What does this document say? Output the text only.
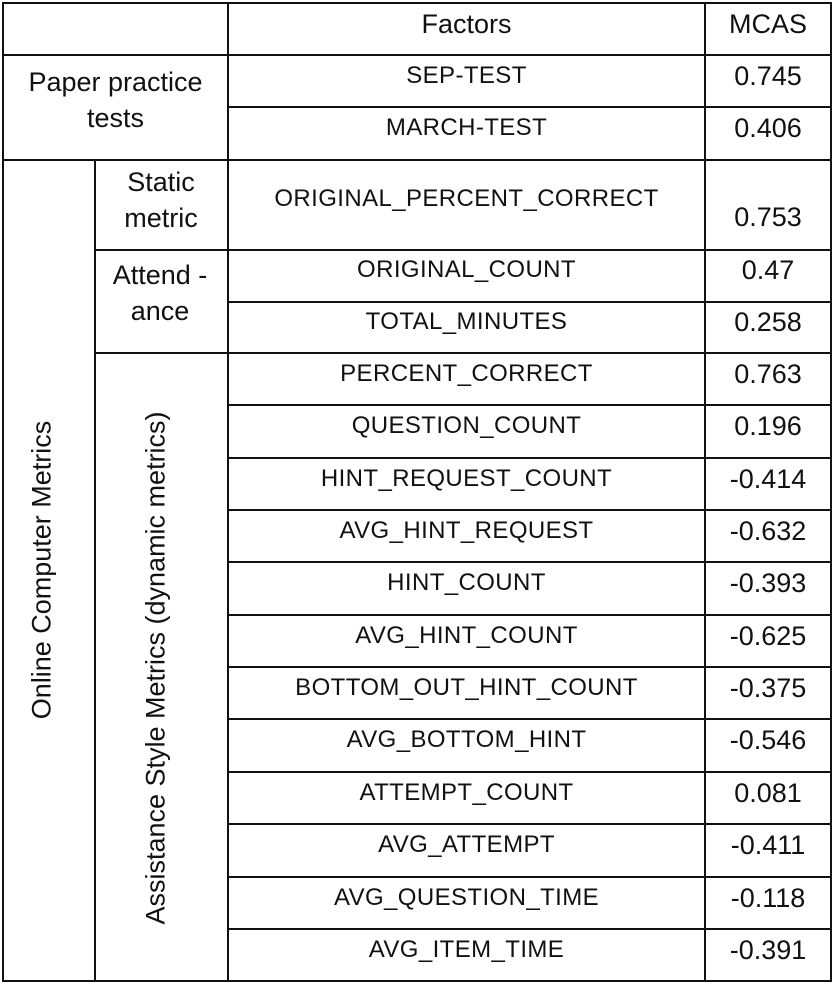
Factors	MCAS
Paper practice tests
Static metric
Attend -ance
Online Computer Metrics	Assistance Style Metrics (dynamic metrics)
SEP-TEST
MARCH-TEST
ORIGINAL_PERCENT_CORRECT
ORIGINAL_COUNT
TOTAL_MINUTES
PERCENT_CORRECT
QUESTION_COUNT
HINT_REQUEST_COUNT
AVG_HINT_REQUEST
HINT_COUNT
AVG_HINT_COUNT
BOTTOM_OUT_HINT_COUNT
AVG_BOTTOM_HINT
ATTEMPT_COUNT
AVG_ATTEMPT
AVG_QUESTION_TIME
AVG_ITEM_TIME
0.745
0.406
0.753
0.47
0.258
0.763
0.196
-0.414
-0.632
-0.393
-0.625
-0.375
-0.546
0.081
-0.411
-0.118
-0.391
